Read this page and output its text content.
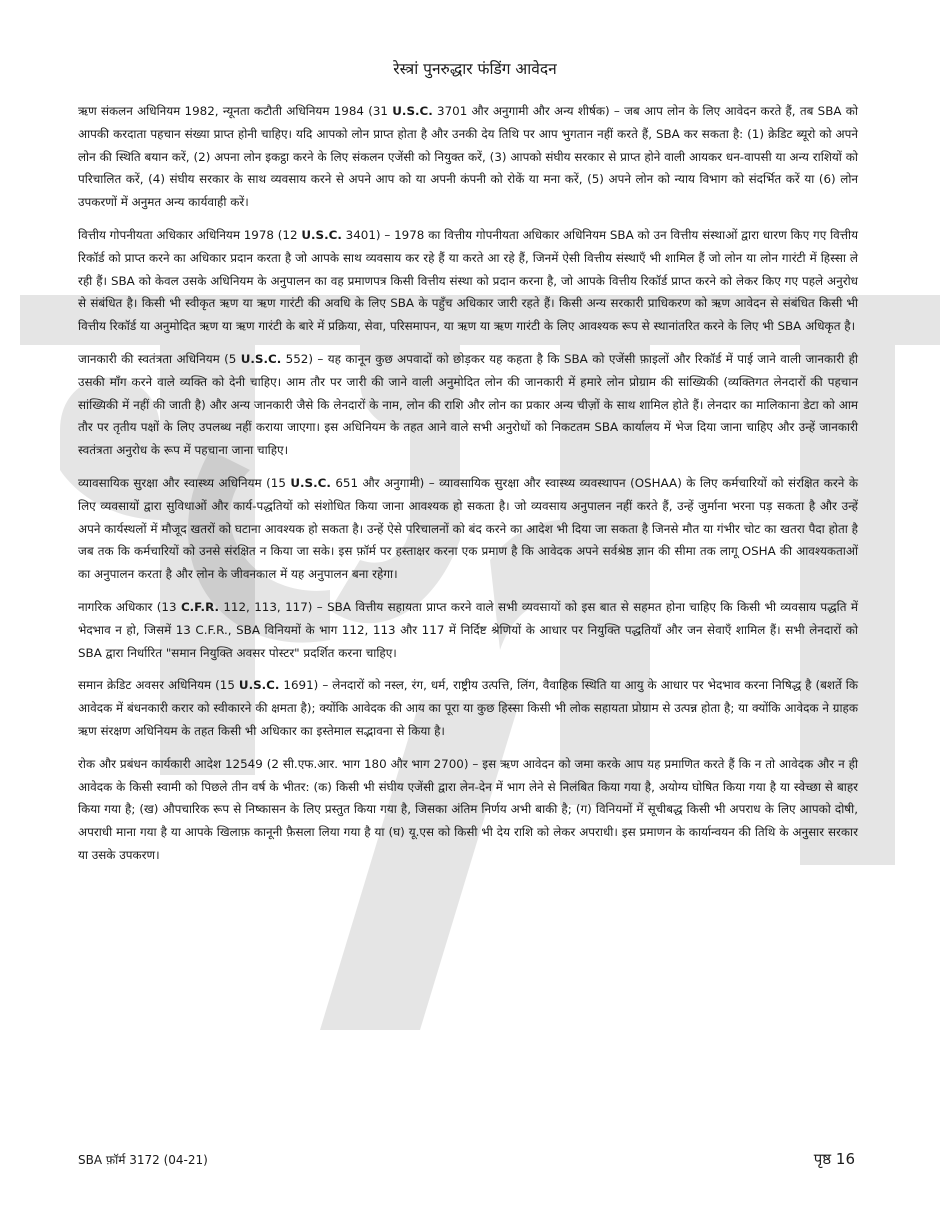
रेस्त्रां पुनरुद्धार फंडिंग आवेदन

ऋण संकलन अधिनियम 1982, न्यूनता कटौती अधिनियम 1984 (31 U.S.C. 3701 और अनुगामी और अन्य शीर्षक) – जब आप लोन के लिए आवेदन करते हैं, तब SBA को आपकी करदाता पहचान संख्या प्राप्त होनी चाहिए। यदि आपको लोन प्राप्त होता है और उनकी देय तिथि पर आप भुगतान नहीं करते हैं, SBA कर सकता है: (1) क्रेडिट ब्यूरो को अपने लोन की स्थिति बयान करें, (2) अपना लोन इकट्ठा करने के लिए संकलन एजेंसी को नियुक्त करें, (3) आपको संघीय सरकार से प्राप्त होने वाली आयकर धन-वापसी या अन्य राशियों को परिचालित करें, (4) संघीय सरकार के साथ व्यवसाय करने से अपने आप को या अपनी कंपनी को रोकें या मना करें, (5) अपने लोन को न्याय विभाग को संदर्भित करें या (6) लोन उपकरणों में अनुमत अन्य कार्यवाही करें।

वित्तीय गोपनीयता अधिकार अधिनियम 1978 (12 U.S.C. 3401) – 1978 का वित्तीय गोपनीयता अधिकार अधिनियम SBA को उन वित्तीय संस्थाओं द्वारा धारण किए गए वित्तीय रिकॉर्ड को प्राप्त करने का अधिकार प्रदान करता है जो आपके साथ व्यवसाय कर रहे हैं या करते आ रहे हैं, जिनमें ऐसी वित्तीय संस्थाएँ भी शामिल हैं जो लोन या लोन गारंटी में हिस्सा ले रही हैं। SBA को केवल उसके अधिनियम के अनुपालन का वह प्रमाणपत्र किसी वित्तीय संस्था को प्रदान करना है, जो आपके वित्तीय रिकॉर्ड प्राप्त करने को लेकर किए गए पहले अनुरोध से संबंधित है। किसी भी स्वीकृत ऋण या ऋण गारंटी की अवधि के लिए SBA के पहुँच अधिकार जारी रहते हैं। किसी अन्य सरकारी प्राधिकरण को ऋण आवेदन से संबंधित किसी भी वित्तीय रिकॉर्ड या अनुमोदित ऋण या ऋण गारंटी के बारे में प्रक्रिया, सेवा, परिसमापन, या ऋण या ऋण गारंटी के लिए आवश्यक रूप से स्थानांतरित करने के लिए भी SBA अधिकृत है।

जानकारी की स्वतंत्रता अधिनियम (5 U.S.C. 552) – यह कानून कुछ अपवादों को छोड़कर यह कहता है कि SBA को एजेंसी फ़ाइलों और रिकॉर्ड में पाई जाने वाली जानकारी ही उसकी माँग करने वाले व्यक्ति को देनी चाहिए। आम तौर पर जारी की जाने वाली अनुमोदित लोन की जानकारी में हमारे लोन प्रोग्राम की सांख्यिकी (व्यक्तिगत लेनदारों की पहचान सांख्यिकी में नहीं की जाती है) और अन्य जानकारी जैसे कि लेनदारों के नाम, लोन की राशि और लोन का प्रकार अन्य चीज़ों के साथ शामिल होते हैं। लेनदार का मालिकाना डेटा को आम तौर पर तृतीय पक्षों के लिए उपलब्ध नहीं कराया जाएगा। इस अधिनियम के तहत आने वाले सभी अनुरोधों को निकटतम SBA कार्यालय में भेज दिया जाना चाहिए और उन्हें जानकारी स्वतंत्रता अनुरोध के रूप में पहचाना जाना चाहिए।

व्यावसायिक सुरक्षा और स्वास्थ्य अधिनियम (15 U.S.C. 651 और अनुगामी) – व्यावसायिक सुरक्षा और स्वास्थ्य व्यवस्थापन (OSHAA) के लिए कर्मचारियों को संरक्षित करने के लिए व्यवसायों द्वारा सुविधाओं और कार्य-पद्धतियों को संशोधित किया जाना आवश्यक हो सकता है। जो व्यवसाय अनुपालन नहीं करते हैं, उन्हें जुर्माना भरना पड़ सकता है और उन्हें अपने कार्यस्थलों में मौजूद खतरों को घटाना आवश्यक हो सकता है। उन्हें ऐसे परिचालनों को बंद करने का आदेश भी दिया जा सकता है जिनसे मौत या गंभीर चोट का खतरा पैदा होता है जब तक कि कर्मचारियों को उनसे संरक्षित न किया जा सके। इस फ़ॉर्म पर हस्ताक्षर करना एक प्रमाण है कि आवेदक अपने सर्वश्रेष्ठ ज्ञान की सीमा तक लागू OSHA की आवश्यकताओं का अनुपालन करता है और लोन के जीवनकाल में यह अनुपालन बना रहेगा।

नागरिक अधिकार (13 C.F.R. 112, 113, 117) – SBA वित्तीय सहायता प्राप्त करने वाले सभी व्यवसायों को इस बात से सहमत होना चाहिए कि किसी भी व्यवसाय पद्धति में भेदभाव न हो, जिसमें 13 C.F.R., SBA विनियमों के भाग 112, 113 और 117 में निर्दिष्ट श्रेणियों के आधार पर नियुक्ति पद्धतियाँ और जन सेवाएँ शामिल हैं। सभी लेनदारों को SBA द्वारा निर्धारित "समान नियुक्ति अवसर पोस्टर" प्रदर्शित करना चाहिए।

समान क्रेडिट अवसर अधिनियम (15 U.S.C. 1691) – लेनदारों को नस्ल, रंग, धर्म, राष्ट्रीय उत्पत्ति, लिंग, वैवाहिक स्थिति या आयु के आधार पर भेदभाव करना निषिद्ध है (बशर्ते कि आवेदक में बंधनकारी करार को स्वीकारने की क्षमता है); क्योंकि आवेदक की आय का पूरा या कुछ हिस्सा किसी भी लोक सहायता प्रोग्राम से उत्पन्न होता है; या क्योंकि आवेदक ने ग्राहक ऋण संरक्षण अधिनियम के तहत किसी भी अधिकार का इस्तेमाल सद्भावना से किया है।

रोक और प्रबंधन कार्यकारी आदेश 12549 (2 सी.एफ.आर. भाग 180 और भाग 2700) – इस ऋण आवेदन को जमा करके आप यह प्रमाणित करते हैं कि न तो आवेदक और न ही आवेदक के किसी स्वामी को पिछले तीन वर्ष के भीतर: (क) किसी भी संघीय एजेंसी द्वारा लेन-देन में भाग लेने से निलंबित किया गया है, अयोग्य घोषित किया गया है या स्वेच्छा से बाहर किया गया है; (ख) औपचारिक रूप से निष्कासन के लिए प्रस्तुत किया गया है, जिसका अंतिम निर्णय अभी बाकी है; (ग) विनियमों में सूचीबद्ध किसी भी अपराध के लिए आपको दोषी, अपराधी माना गया है या आपके खिलाफ़ कानूनी फ़ैसला लिया गया है या (घ) यू.एस को किसी भी देय राशि को लेकर अपराधी। इस प्रमाणन के कार्यान्वयन की तिथि के अनुसार सरकार या उसके उपकरण।

SBA फ़ॉर्म 3172 (04-21)	पृष्ठ 16
